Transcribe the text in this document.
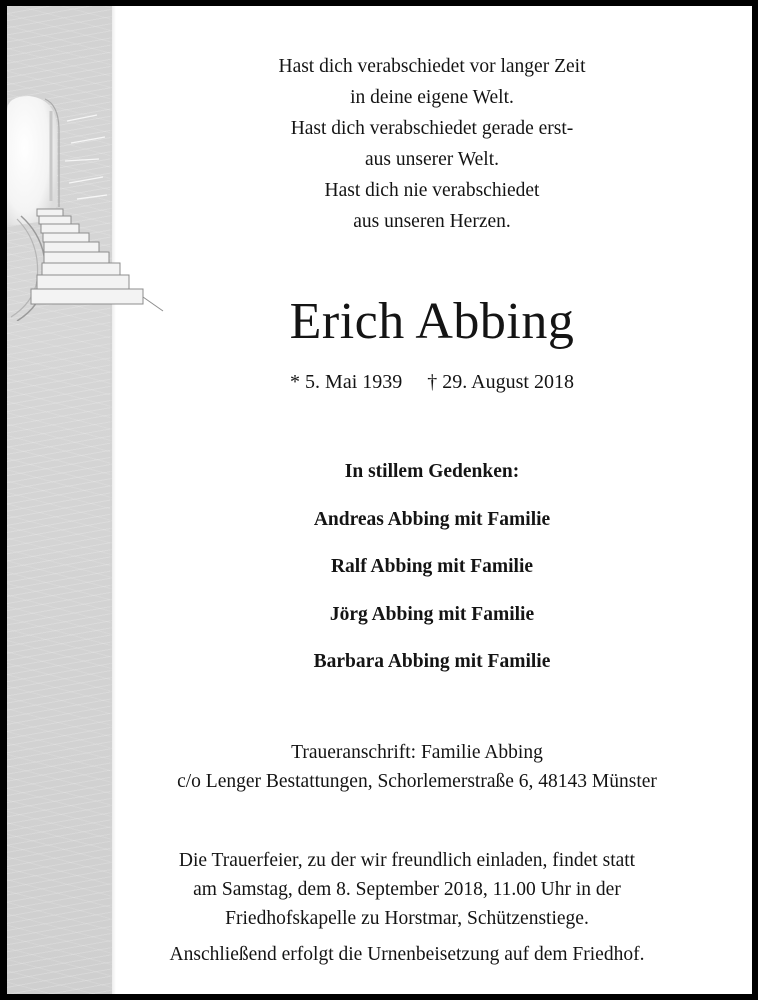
Hast dich verabschiedet vor langer Zeit
in deine eigene Welt.
Hast dich verabschiedet gerade erst-
aus unserer Welt.
Hast dich nie verabschiedet
aus unseren Herzen.
Erich Abbing
* 5. Mai 1939     † 29. August 2018
In stillem Gedenken:
Andreas Abbing mit Familie
Ralf Abbing mit Familie
Jörg Abbing mit Familie
Barbara Abbing mit Familie
Traueranschrift: Familie Abbing
c/o Lenger Bestattungen, Schorlemerstraße 6, 48143 Münster
Die Trauerfeier, zu der wir freundlich einladen, findet statt
am Samstag, dem 8. September 2018, 11.00 Uhr in der
Friedhofskapelle zu Horstmar, Schützenstiege.
Anschließend erfolgt die Urnenbeisetzung auf dem Friedhof.
